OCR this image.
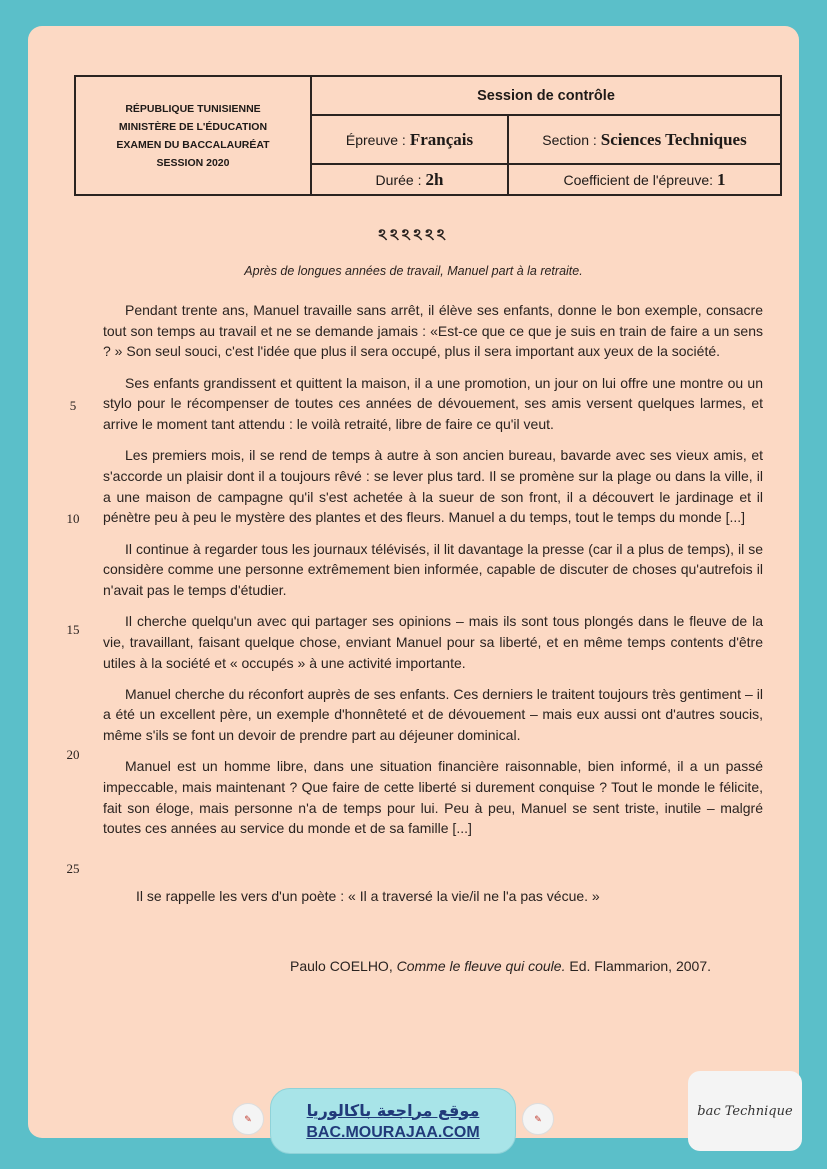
RÉPUBLIQUE TUNISIENNE
MINISTÈRE DE L'ÉDUCATION
EXAMEN DU BACCALAURÉAT
SESSION 2020
Session de contrôle
Épreuve : Français	Section : Sciences Techniques
Durée : 2h	Coefficient de l'épreuve: 1
ঽঽঽঽঽঽ
Après de longues années de travail, Manuel part à la retraite.

Pendant trente ans, Manuel travaille sans arrêt, il élève ses enfants, donne le bon exemple, consacre tout son temps au travail et ne se demande jamais : «Est-ce que ce que je suis en train de faire a un sens ? » Son seul souci, c'est l'idée que plus il sera occupé, plus il sera important aux yeux de la société.

Ses enfants grandissent et quittent la maison, il a une promotion, un jour on lui offre une montre ou un stylo pour le récompenser de toutes ces années de dévouement, ses amis versent quelques larmes, et arrive le moment tant attendu : le voilà retraité, libre de faire ce qu'il veut.

Les premiers mois, il se rend de temps à autre à son ancien bureau, bavarde avec ses vieux amis, et s'accorde un plaisir dont il a toujours rêvé : se lever plus tard. Il se promène sur la plage ou dans la ville, il a une maison de campagne qu'il s'est achetée à la sueur de son front, il a découvert le jardinage et il pénètre peu à peu le mystère des plantes et des fleurs. Manuel a du temps, tout le temps du monde [...]

Il continue à regarder tous les journaux télévisés, il lit davantage la presse (car il a plus de temps), il se considère comme une personne extrêmement bien informée, capable de discuter de choses qu'autrefois il n'avait pas le temps d'étudier.

Il cherche quelqu'un avec qui partager ses opinions – mais ils sont tous plongés dans le fleuve de la vie, travaillant, faisant quelque chose, enviant Manuel pour sa liberté, et en même temps contents d'être utiles à la société et « occupés » à une activité importante.

Manuel cherche du réconfort auprès de ses enfants. Ces derniers le traitent toujours très gentiment – il a été un excellent père, un exemple d'honnêteté et de dévouement – mais eux aussi ont d'autres soucis, même s'ils se font un devoir de prendre part au déjeuner dominical.

Manuel est un homme libre, dans une situation financière raisonnable, bien informé, il a un passé impeccable, mais maintenant ? Que faire de cette liberté si durement conquise ? Tout le monde le félicite, fait son éloge, mais personne n'a de temps pour lui. Peu à peu, Manuel se sent triste, inutile – malgré toutes ces années au service du monde et de sa famille [...]

5
10
15
20
25
Il se rappelle les vers d'un poète : « Il a traversé la vie/il ne l'a pas vécue. »
Paulo COELHO, Comme le fleuve qui coule. Ed. Flammarion, 2007.
✎	موقع مراجعة باكالوريا
BAC.MOURAJAA.COM
✎	bac Technique
